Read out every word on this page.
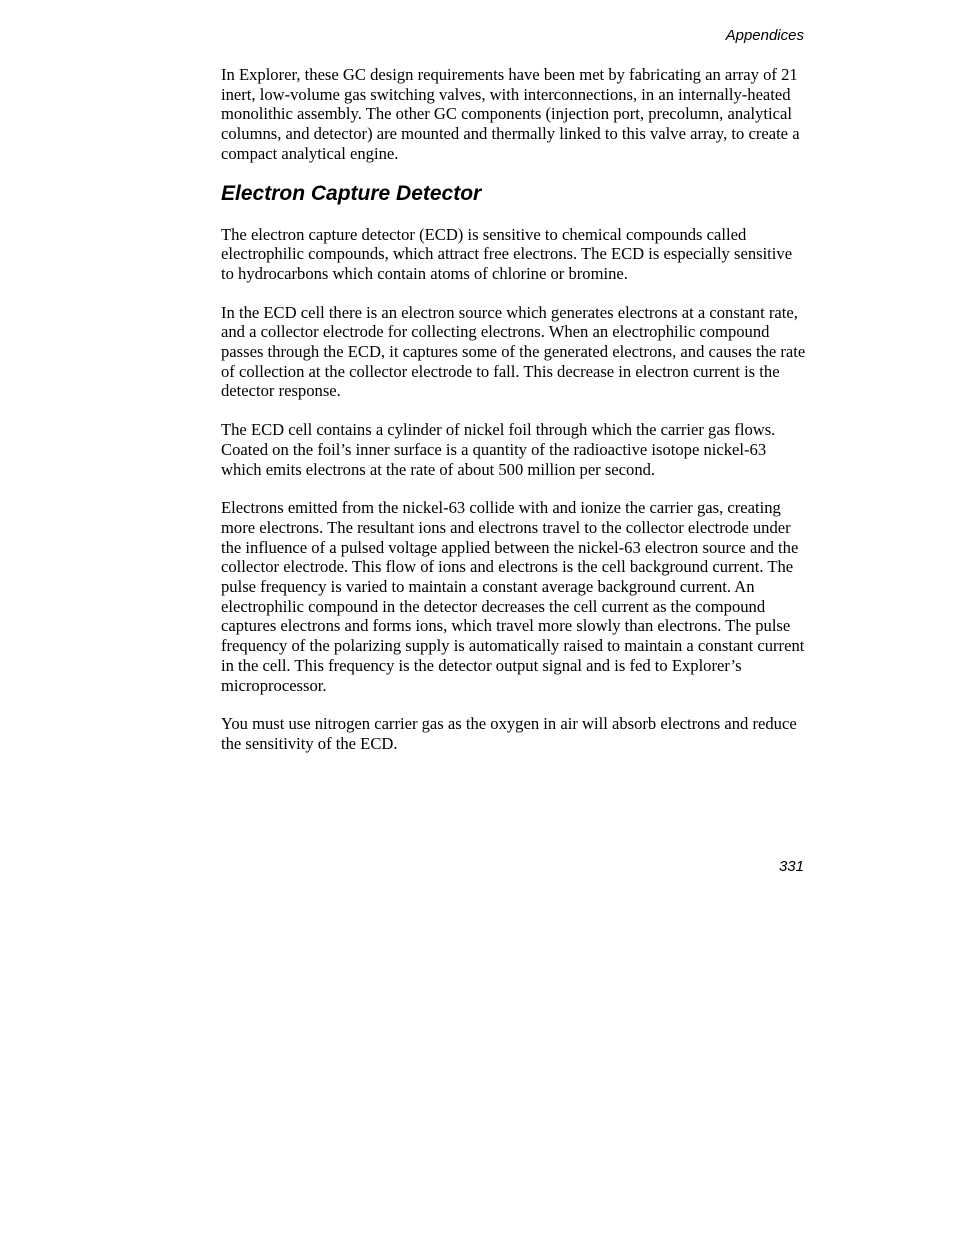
Appendices

In Explorer, these GC design requirements have been met by fabricating an array of 21 inert, low-volume gas switching valves, with interconnections, in an internally-heated monolithic assembly. The other GC components (injection port, precolumn, analytical columns, and detector) are mounted and thermally linked to this valve array, to create a compact analytical engine.

Electron Capture Detector

The electron capture detector (ECD) is sensitive to chemical compounds called electrophilic compounds, which attract free electrons. The ECD is especially sensitive to hydrocarbons which contain atoms of chlorine or bromine.

In the ECD cell there is an electron source which generates electrons at a constant rate, and a collector electrode for collecting electrons. When an electrophilic compound passes through the ECD, it captures some of the generated electrons, and causes the rate of collection at the collector electrode to fall. This decrease in electron current is the detector response.

The ECD cell contains a cylinder of nickel foil through which the carrier gas flows. Coated on the foil’s inner surface is a quantity of the radioactive isotope nickel-63 which emits electrons at the rate of about 500 million per second.

Electrons emitted from the nickel-63 collide with and ionize the carrier gas, creating more electrons. The resultant ions and electrons travel to the collector electrode under the influence of a pulsed voltage applied between the nickel-63 electron source and the collector electrode. This flow of ions and electrons is the cell background current. The pulse frequency is varied to maintain a constant average background current. An electrophilic compound in the detector decreases the cell current as the compound captures electrons and forms ions, which travel more slowly than electrons. The pulse frequency of the polarizing supply is automatically raised to maintain a constant current in the cell. This frequency is the detector output signal and is fed to Explorer’s microprocessor.

You must use nitrogen carrier gas as the oxygen in air will absorb electrons and reduce the sensitivity of the ECD.

331
